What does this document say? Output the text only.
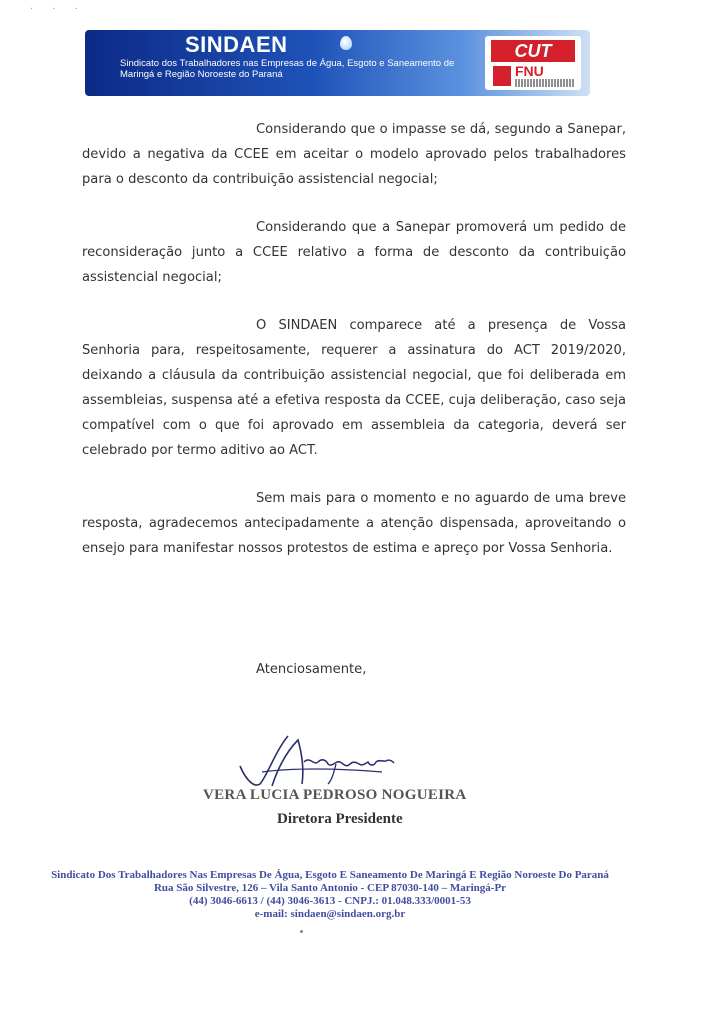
· · ·
SINDAEN
Sindicato dos Trabalhadores nas Empresas de Água, Esgoto e Saneamento de Maringá e Região Noroeste do Paraná
CUT
FNU

Considerando que o impasse se dá, segundo a Sanepar, devido a negativa da CCEE em aceitar o modelo aprovado pelos trabalhadores para o desconto da contribuição assistencial negocial;

Considerando que a Sanepar promoverá um pedido de reconsideração junto a CCEE relativo a forma de desconto da contribuição assistencial negocial;

O SINDAEN comparece até a presença de Vossa Senhoria para, respeitosamente, requerer a assinatura do ACT 2019/2020, deixando a cláusula da contribuição assistencial negocial, que foi deliberada em assembleias, suspensa até a efetiva resposta da CCEE, cuja deliberação, caso seja compatível com o que foi aprovado em assembleia da categoria, deverá ser celebrado por termo aditivo ao ACT.

Sem mais para o momento e no aguardo de uma breve resposta, agradecemos antecipadamente a atenção dispensada, aproveitando o ensejo para manifestar nossos protestos de estima e apreço por Vossa Senhoria.

Atenciosamente,
VERA LUCIA PEDROSO NOGUEIRA
Diretora Presidente
Sindicato Dos Trabalhadores Nas Empresas De Água, Esgoto E Saneamento De Maringá E Região Noroeste Do Paraná
Rua São Silvestre, 126 – Vila Santo Antonio - CEP 87030-140 – Maringá-Pr
(44) 3046-6613 / (44) 3046-3613 - CNPJ.: 01.048.333/0001-53
e-mail: sindaen@sindaen.org.br
